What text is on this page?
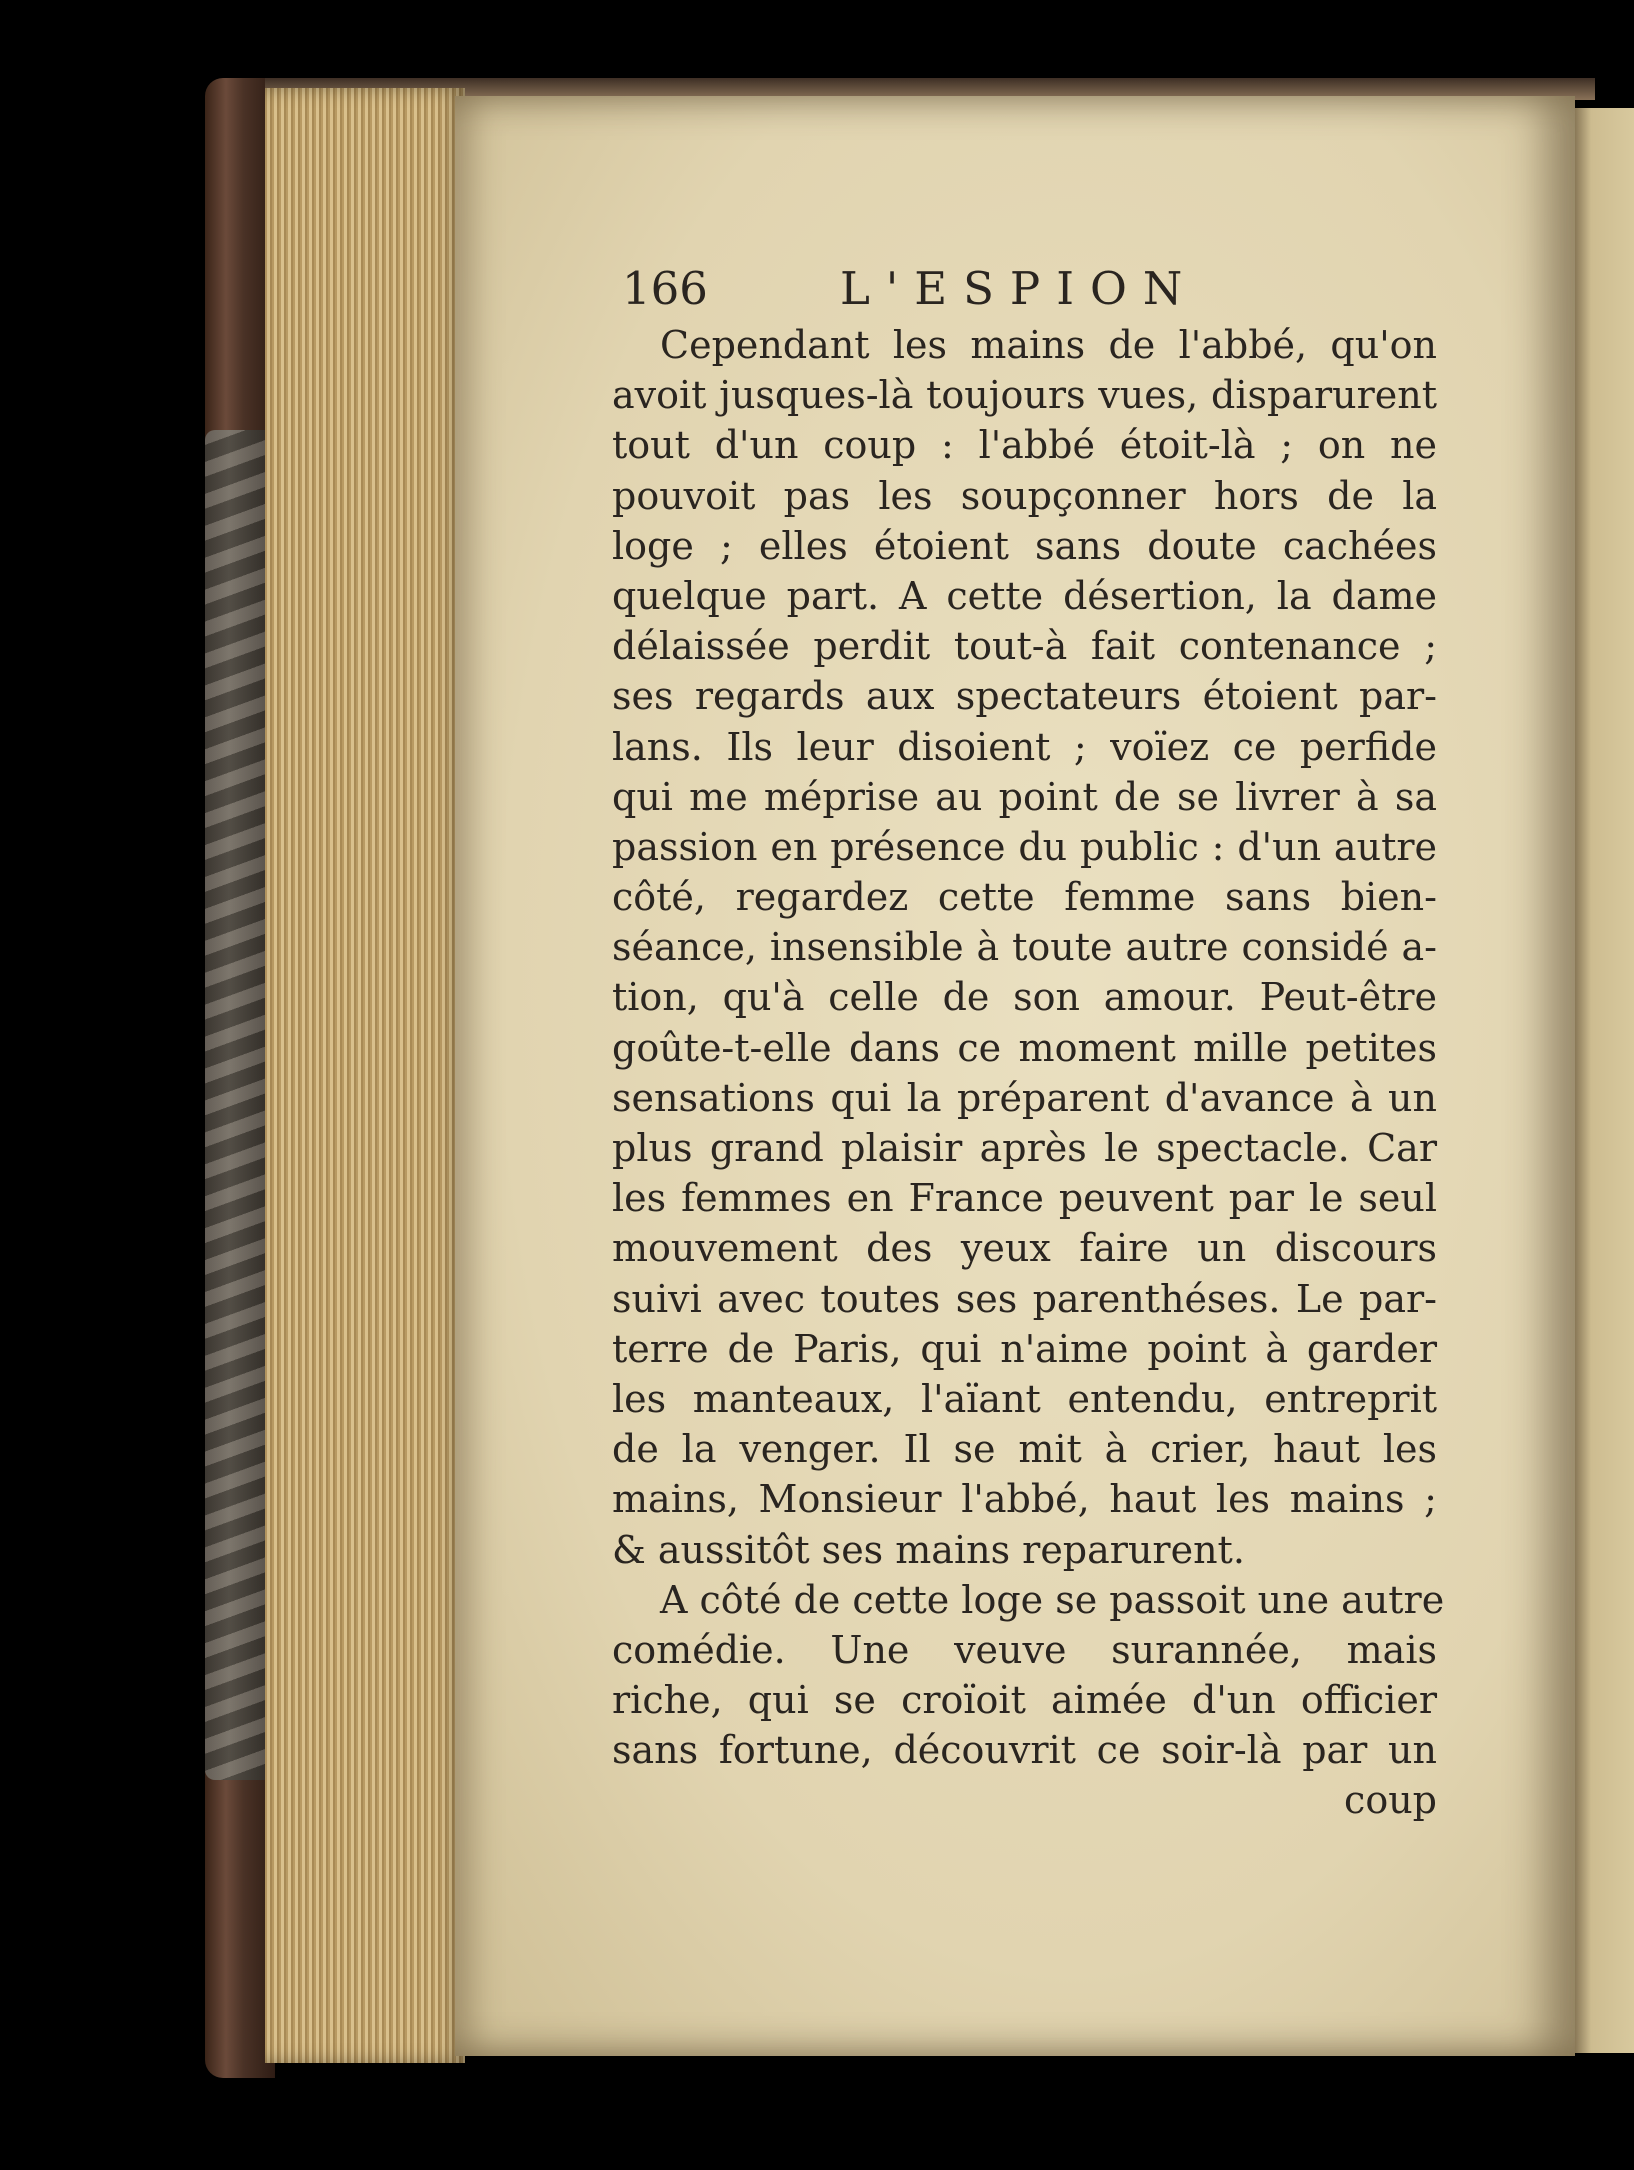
166	L'ESPION
Cependant les mains de l'abbé, qu'on
avoit jusques-là toujours vues, disparurent
tout d'un coup : l'abbé étoit-là ; on ne
pouvoit pas les soupçonner hors de la
loge ; elles étoient sans doute cachées
quelque part. A cette désertion, la dame
délaissée perdit tout-à fait contenance ;
ses regards aux spectateurs étoient par-
lans. Ils leur disoient ; voïez ce perfide
qui me méprise au point de se livrer à sa
passion en présence du public : d'un autre
côté, regardez cette femme sans bien-
séance, insensible à toute autre considé a-
tion, qu'à celle de son amour. Peut-être
goûte-t-elle dans ce moment mille petites
sensations qui la préparent d'avance à un
plus grand plaisir après le spectacle. Car
les femmes en France peuvent par le seul
mouvement des yeux faire un discours
suivi avec toutes ses parenthéses. Le par-
terre de Paris, qui n'aime point à garder
les manteaux, l'aïant entendu, entreprit
de la venger. Il se mit à crier, haut les
mains, Monsieur l'abbé, haut les mains ;
& aussitôt ses mains reparurent.
A côté de cette loge se passoit une autre
comédie. Une veuve surannée, mais
riche, qui se croïoit aimée d'un officier
sans fortune, découvrit ce soir-là par un
coup
